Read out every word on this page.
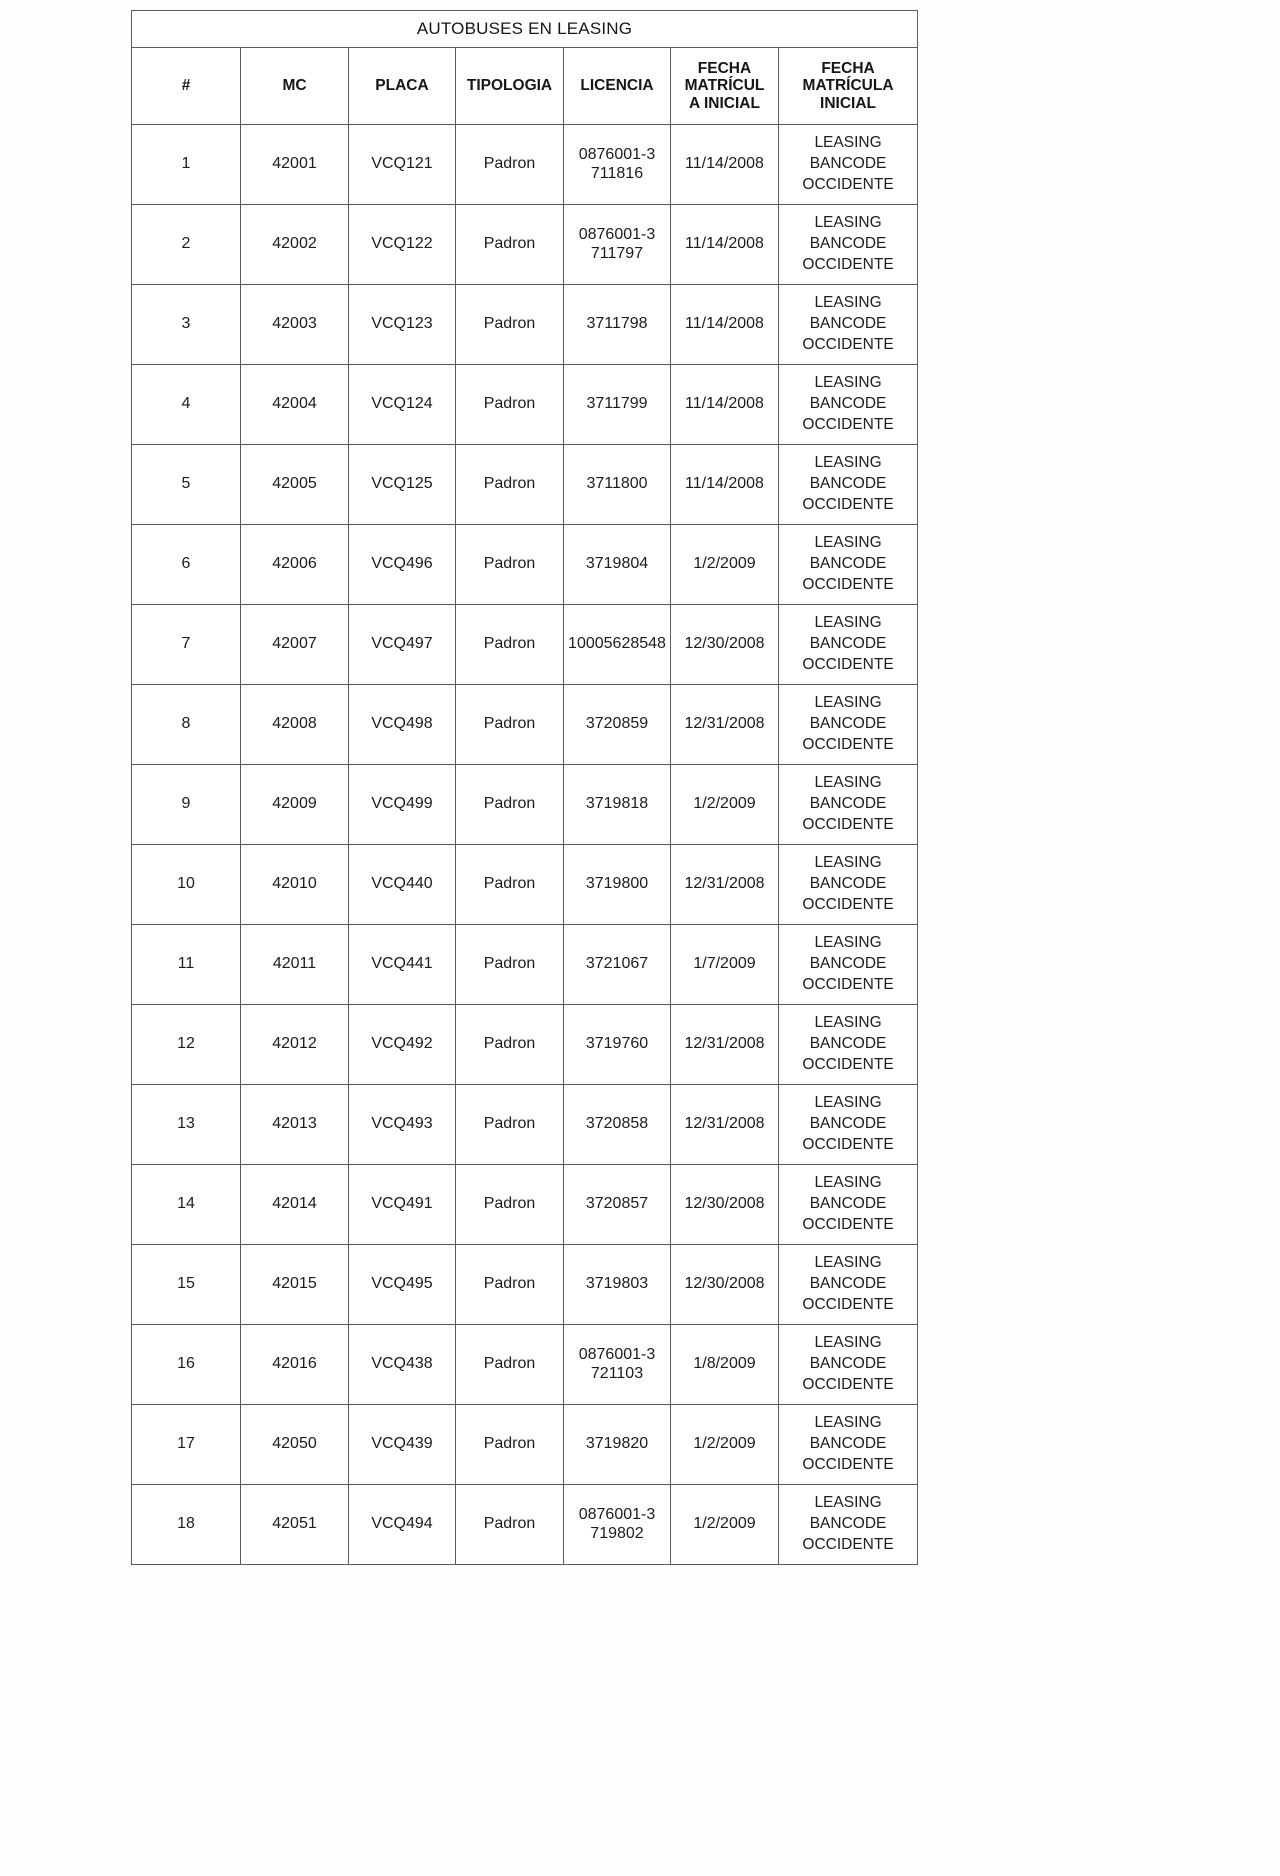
AUTOBUSES EN LEASING						

#	MC	PLACA	TIPOLOGIA	LICENCIA	FECHA
MATRÍCUL
A INICIAL	FECHA
MATRÍCULA
INICIAL

1	42001	VCQ121	Padron	0876001-3
711816	11/14/2008	LEASING
BANCODE
OCCIDENTE

2	42002	VCQ122	Padron	0876001-3
711797	11/14/2008	LEASING
BANCODE
OCCIDENTE

3	42003	VCQ123	Padron	3711798	11/14/2008	LEASING
BANCODE
OCCIDENTE

4	42004	VCQ124	Padron	3711799	11/14/2008	LEASING
BANCODE
OCCIDENTE

5	42005	VCQ125	Padron	3711800	11/14/2008	LEASING
BANCODE
OCCIDENTE

6	42006	VCQ496	Padron	3719804	1/2/2009	LEASING
BANCODE
OCCIDENTE

7	42007	VCQ497	Padron	10005628548	12/30/2008	LEASING
BANCODE
OCCIDENTE

8	42008	VCQ498	Padron	3720859	12/31/2008	LEASING
BANCODE
OCCIDENTE

9	42009	VCQ499	Padron	3719818	1/2/2009	LEASING
BANCODE
OCCIDENTE

10	42010	VCQ440	Padron	3719800	12/31/2008	LEASING
BANCODE
OCCIDENTE

11	42011	VCQ441	Padron	3721067	1/7/2009	LEASING
BANCODE
OCCIDENTE

12	42012	VCQ492	Padron	3719760	12/31/2008	LEASING
BANCODE
OCCIDENTE

13	42013	VCQ493	Padron	3720858	12/31/2008	LEASING
BANCODE
OCCIDENTE

14	42014	VCQ491	Padron	3720857	12/30/2008	LEASING
BANCODE
OCCIDENTE

15	42015	VCQ495	Padron	3719803	12/30/2008	LEASING
BANCODE
OCCIDENTE

16	42016	VCQ438	Padron	0876001-3
721103	1/8/2009	LEASING
BANCODE
OCCIDENTE

17	42050	VCQ439	Padron	3719820	1/2/2009	LEASING
BANCODE
OCCIDENTE

18	42051	VCQ494	Padron	0876001-3
719802	1/2/2009	LEASING
BANCODE
OCCIDENTE
